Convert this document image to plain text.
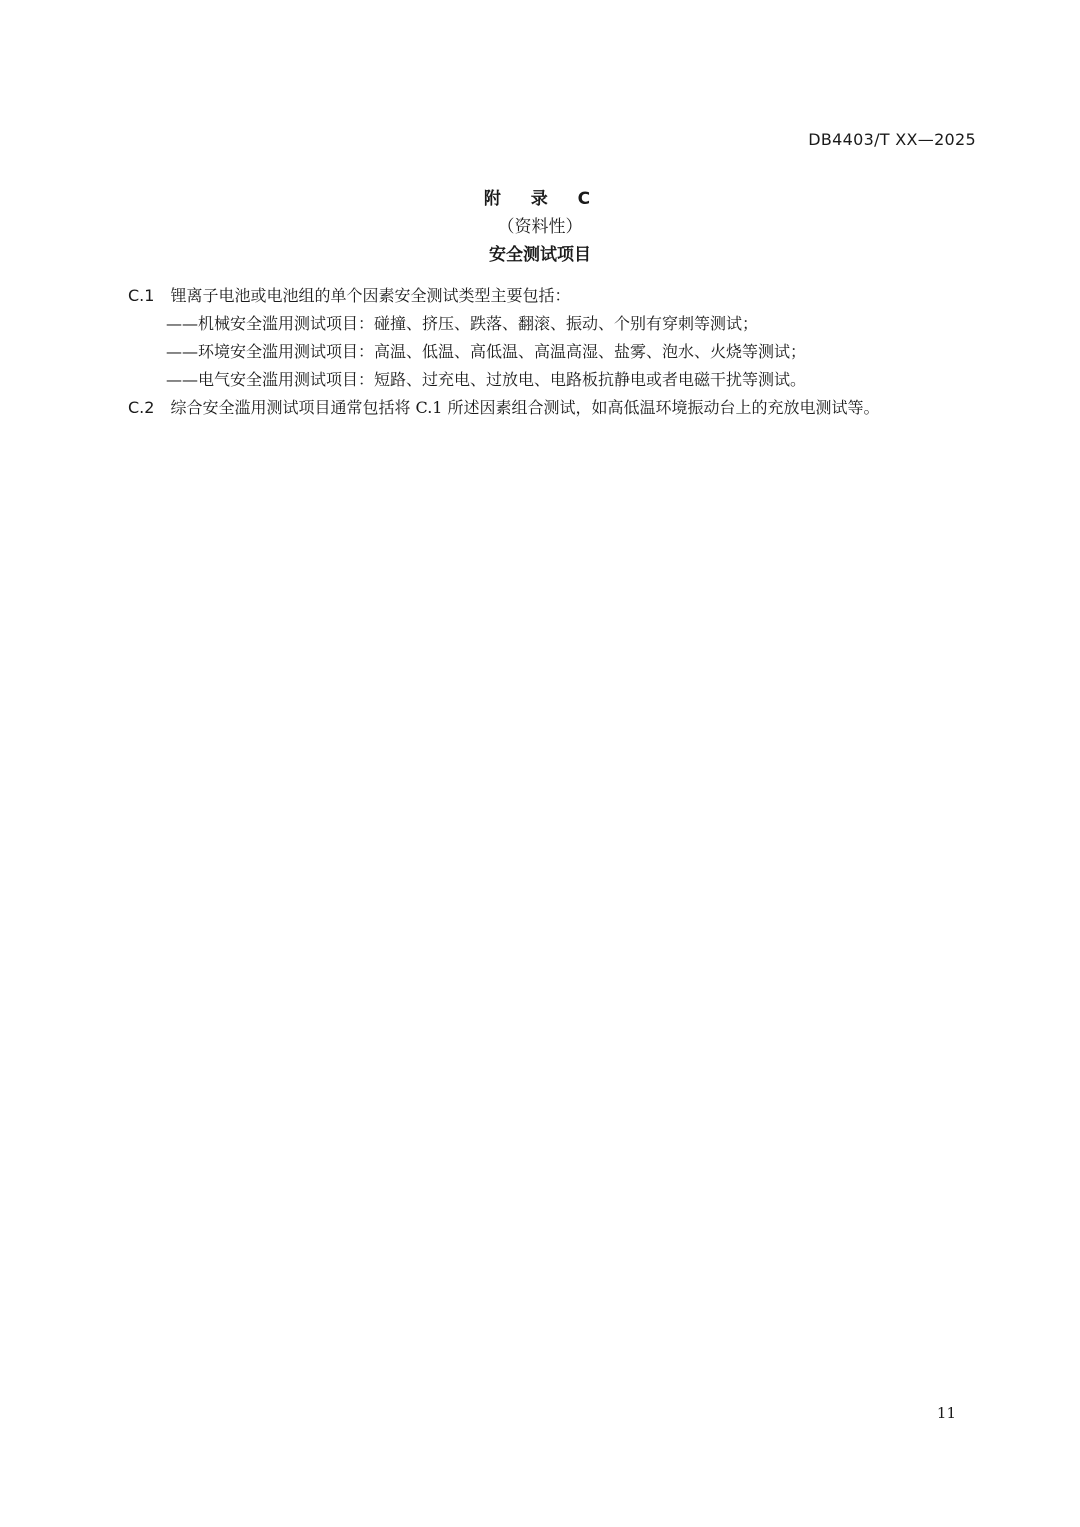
DB4403/T XX—2025
附 录 C
（资料性）
安全测试项目
C.1 锂离子电池或电池组的单个因素安全测试类型主要包括：
——机械安全滥用测试项目：碰撞、挤压、跌落、翻滚、振动、个别有穿刺等测试；
——环境安全滥用测试项目：高温、低温、高低温、高温高湿、盐雾、泡水、火烧等测试；
——电气安全滥用测试项目：短路、过充电、过放电、电路板抗静电或者电磁干扰等测试。
C.2 综合安全滥用测试项目通常包括将 C.1 所述因素组合测试，如高低温环境振动台上的充放电测试等。
11
